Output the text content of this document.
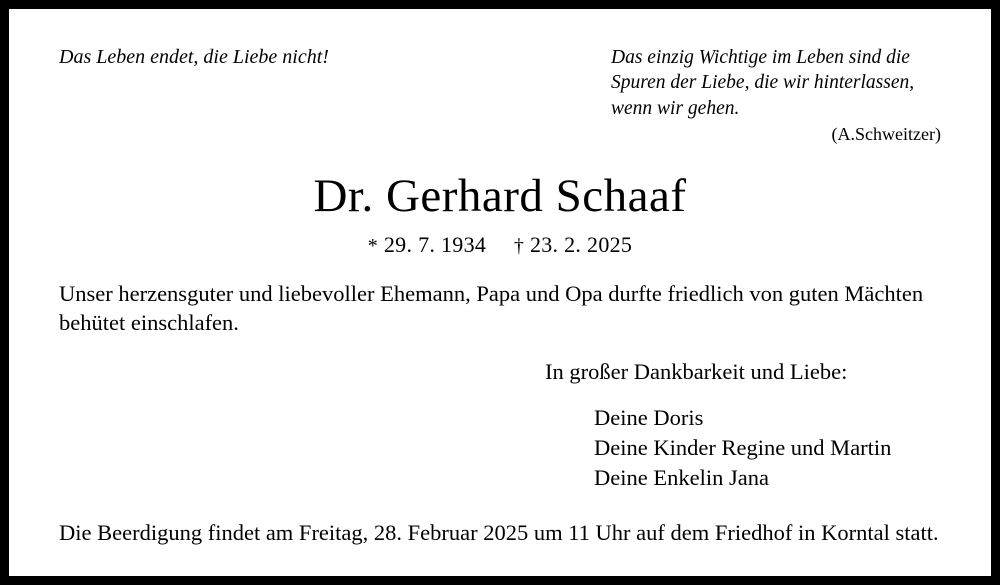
Das Leben endet, die Liebe nicht!	Das einzig Wichtige im Leben sind die Spuren der Liebe, die wir hinterlassen, wenn wir gehen.
(A.Schweitzer)
Dr. Gerhard Schaaf
* 29. 7. 1934 † 23. 2. 2025
Unser herzensguter und liebevoller Ehemann, Papa und Opa durfte friedlich von guten Mächten behütet einschlafen.
In großer Dankbarkeit und Liebe:
Deine Doris
Deine Kinder Regine und Martin
Deine Enkelin Jana
Die Beerdigung findet am Freitag, 28. Februar 2025 um 11 Uhr auf dem Friedhof in Korntal statt.
